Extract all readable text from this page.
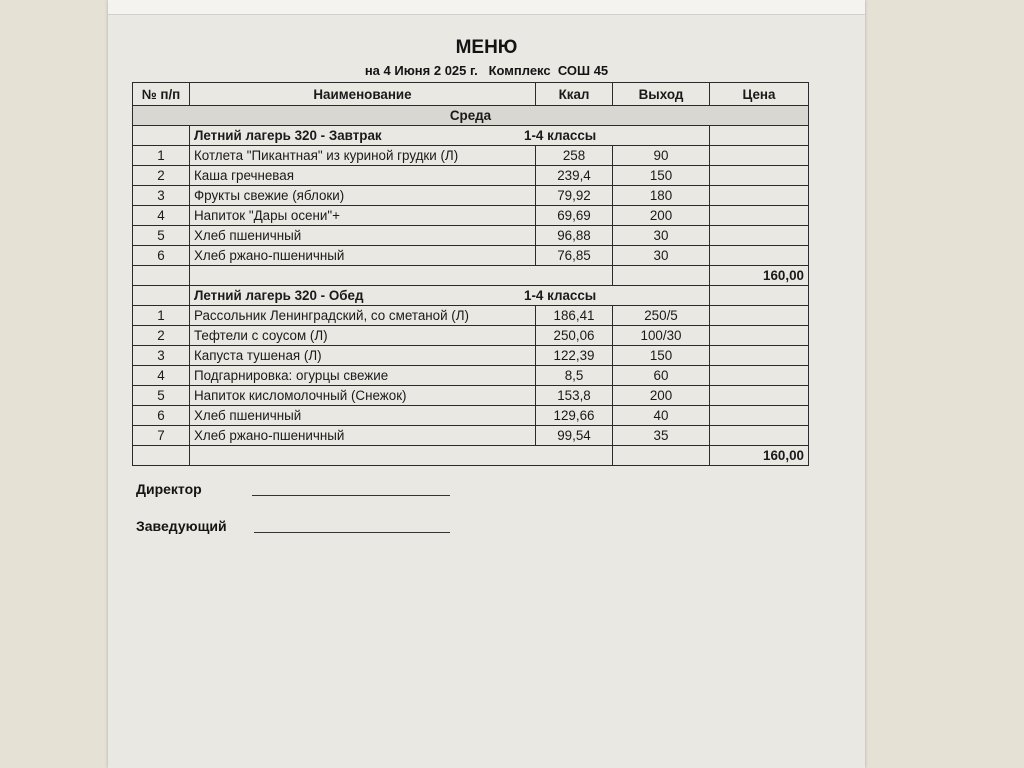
МЕНЮ
на 4 Июня 2 025 г.   Комплекс  СОШ 45
№ п/п	Наименование	Ккал	Выход	Цена
Среда				
	Летний лагерь 320 - Завтрак 1-4 классы			
1	Котлета "Пикантная" из куриной грудки (Л)	258	90	
2	Каша гречневая	239,4	150	
3	Фрукты свежие (яблоки)	79,92	180	
4	Напиток "Дары осени"+	69,69	200	
5	Хлеб пшеничный	96,88	30	
6	Хлеб ржано-пшеничный	76,85	30	
				160,00
	Летний лагерь 320 - Обед 1-4 классы			
1	Рассольник Ленинградский, со сметаной (Л)	186,41	250/5	
2	Тефтели с соусом (Л)	250,06	100/30	
3	Капуста тушеная (Л)	122,39	150	
4	Подгарнировка: огурцы свежие	8,5	60	
5	Напиток кисломолочный (Снежок)	153,8	200	
6	Хлеб пшеничный	129,66	40	
7	Хлеб ржано-пшеничный	99,54	35	
				160,00
Директор
Заведующий
